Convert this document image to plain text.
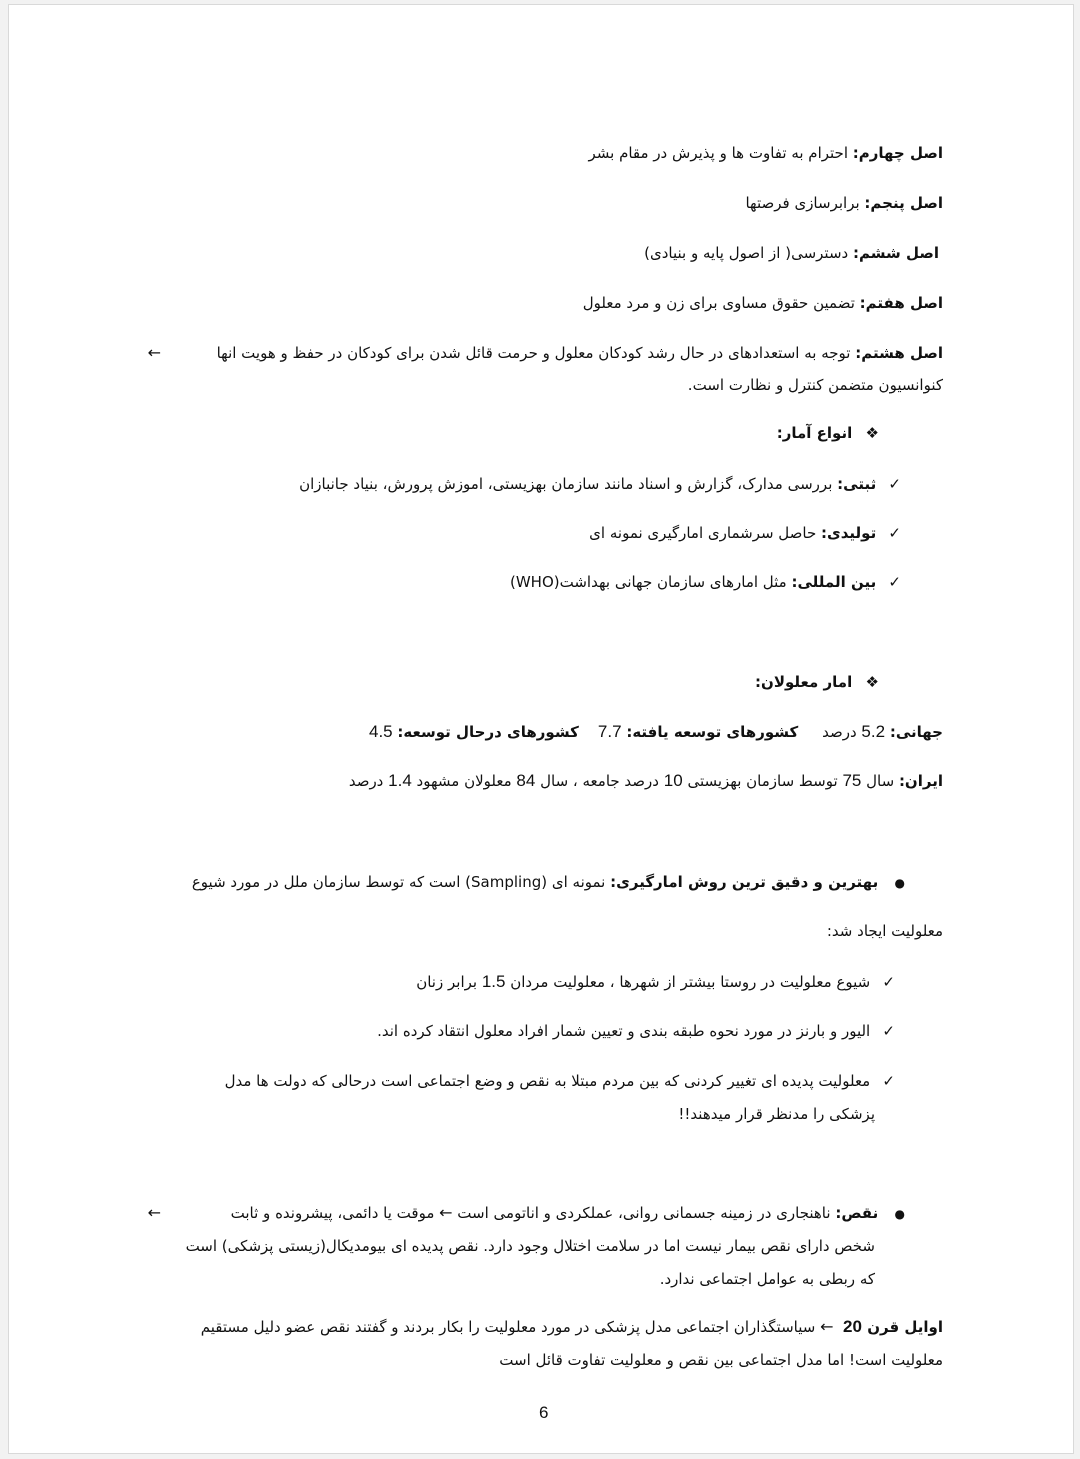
اصل چهارم: احترام به تفاوت ها و پذیرش در مقام بشر
اصل پنجم: برابرسازی فرصتها
اصل ششم: دسترسی( از اصول پایه و بنیادی)
اصل هفتم: تضمین حقوق مساوی برای زن و مرد معلول
اصل هشتم: توجه به استعدادهای در حال رشد کودکان معلول و حرمت قائل شدن برای کودکان در حفظ و هویت انها
←
کنوانسیون متضمن کنترل و نظارت است.
❖ انواع آمار:
✓ ثبتی: بررسی مدارک، گزارش و اسناد مانند سازمان بهزیستی، اموزش پرورش، بنیاد جانبازان
✓ تولیدی: حاصل سرشماری امارگیری نمونه ای
✓ بین المللی: مثل امارهای سازمان جهانی بهداشت(WHO)
❖ امار معلولان:
جهانی: 5.2 درصد     کشورهای توسعه یافته: 7.7    کشورهای درحال توسعه: 4.5
ایران: سال 75 توسط سازمان بهزیستی 10 درصد جامعه ، سال 84 معلولان مشهود 1.4 درصد
● بهترین و دقیق ترین روش امارگیری: نمونه ای (Sampling) است که توسط سازمان ملل در مورد شیوع
معلولیت ایجاد شد:
✓ شیوع معلولیت در روستا بیشتر از شهرها ، معلولیت مردان 1.5 برابر زنان
✓ الیور و بارنز در مورد نحوه طبقه بندی و تعیین شمار افراد معلول انتقاد کرده اند.
✓ معلولیت پدیده ای تغییر کردنی که بین مردم مبتلا به نقص و وضع اجتماعی است درحالی که دولت ها مدل
پزشکی را مدنظر قرار میدهند!!
● نقص: ناهنجاری در زمینه جسمانی روانی، عملکردی و اناتومی است ← موقت یا دائمی، پیشرونده و ثابت
←
شخص دارای نقص بیمار نیست اما در سلامت اختلال وجود دارد. نقص پدیده ای بیومدیکال(زیستی پزشکی) است
که ربطی به عوامل اجتماعی ندارد.
اوایل قرن 20  ← سیاستگذاران اجتماعی مدل پزشکی در مورد معلولیت را بکار بردند و گفتند نقص عضو دلیل مستقیم
معلولیت است! اما مدل اجتماعی بین نقص و معلولیت تفاوت قائل است
6
